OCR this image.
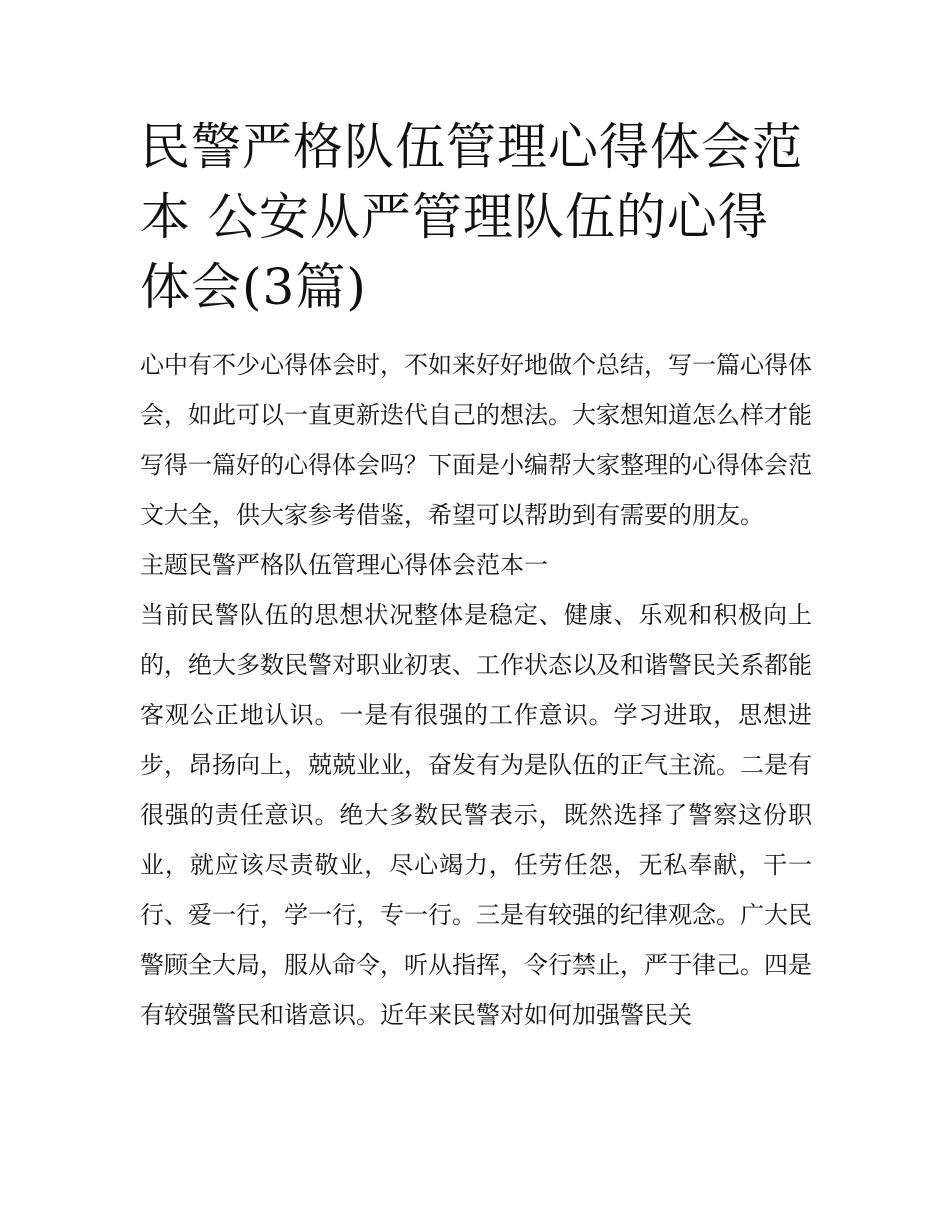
民警严格队伍管理心得体会范本 公安从严管理队伍的心得体会(3篇)

心中有不少心得体会时，不如来好好地做个总结，写一篇心得体会，如此可以一直更新迭代自己的想法。大家想知道怎么样才能写得一篇好的心得体会吗？下面是小编帮大家整理的心得体会范文大全，供大家参考借鉴，希望可以帮助到有需要的朋友。

主题民警严格队伍管理心得体会范本一

当前民警队伍的思想状况整体是稳定、健康、乐观和积极向上的，绝大多数民警对职业初衷、工作状态以及和谐警民关系都能客观公正地认识。一是有很强的工作意识。学习进取，思想进步，昂扬向上，兢兢业业，奋发有为是队伍的正气主流。二是有很强的责任意识。绝大多数民警表示，既然选择了警察这份职业，就应该尽责敬业，尽心竭力，任劳任怨，无私奉献，干一行、爱一行，学一行，专一行。三是有较强的纪律观念。广大民警顾全大局，服从命令，听从指挥，令行禁止，严于律己。四是有较强警民和谐意识。近年来民警对如何加强警民关
